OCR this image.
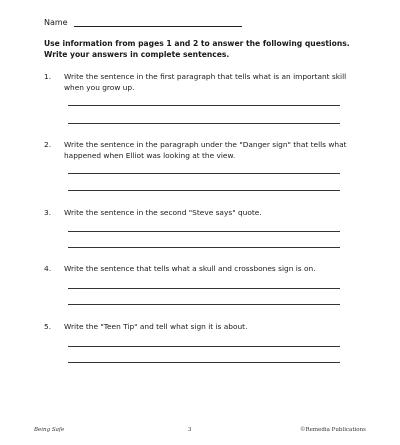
Name
Use information from pages 1 and 2 to answer the following questions. Write your answers in complete sentences.
1. Write the sentence in the first paragraph that tells what is an important skill when you grow up.
2. Write the sentence in the paragraph under the "Danger sign" that tells what happened when Elliot was looking at the view.
3. Write the sentence in the second "Steve says" quote.
4. Write the sentence that tells what a skull and crossbones sign is on.
5. Write the "Teen Tip" and tell what sign it is about.
Being Safe	3	©Remedia Publications
